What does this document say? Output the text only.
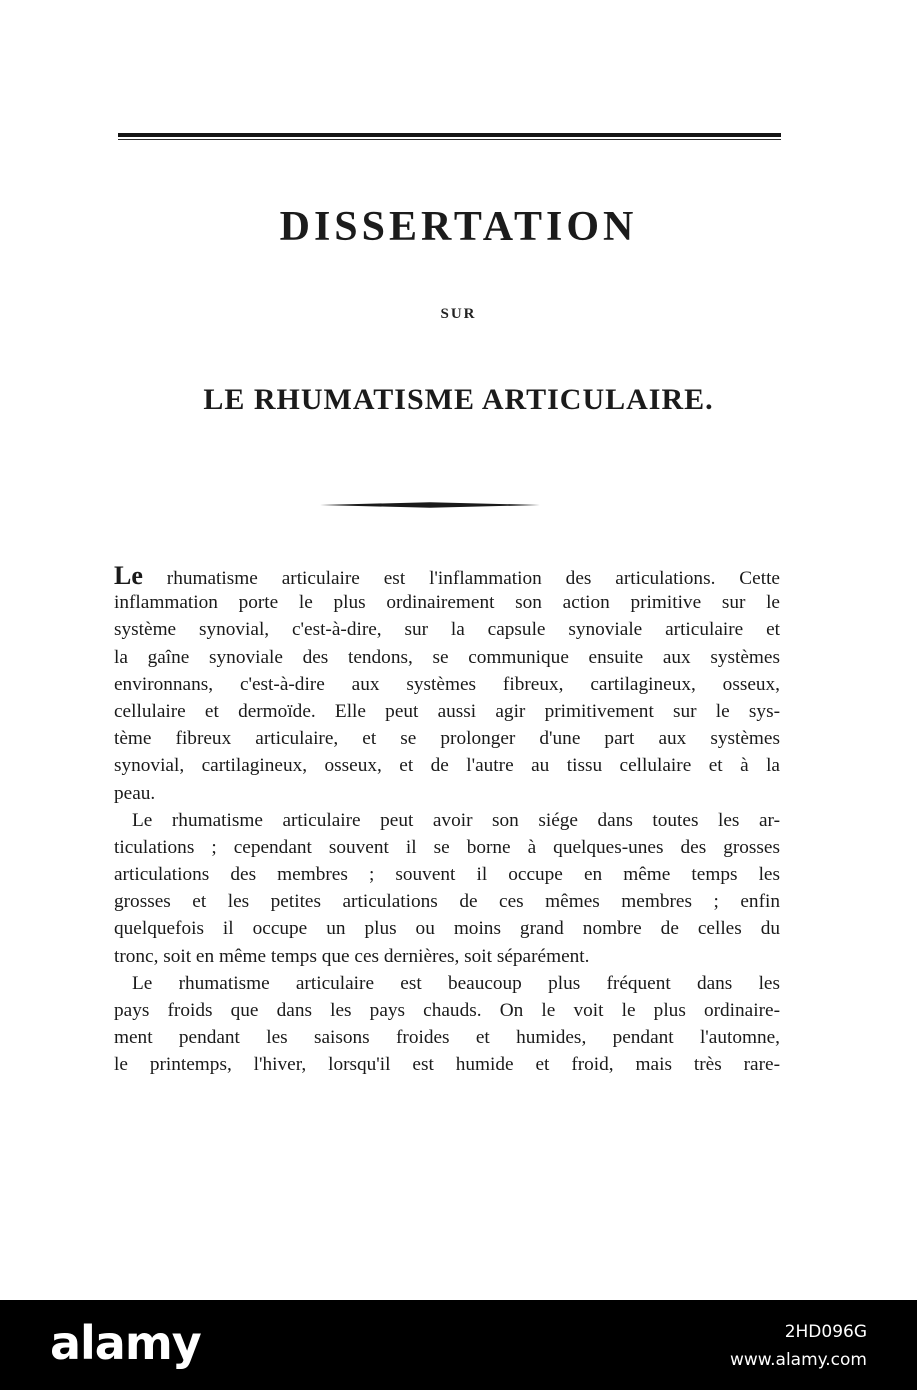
DISSERTATION
SUR
LE RHUMATISME ARTICULAIRE.
Le rhumatisme articulaire est l'inflammation des articulations. Cette
inflammation porte le plus ordinairement son action primitive sur le
système synovial, c'est-à-dire, sur la capsule synoviale articulaire et
la gaîne synoviale des tendons, se communique ensuite aux systèmes
environnans, c'est-à-dire aux systèmes fibreux, cartilagineux, osseux,
cellulaire et dermoïde. Elle peut aussi agir primitivement sur le sys-
tème fibreux articulaire, et se prolonger d'une part aux systèmes
synovial, cartilagineux, osseux, et de l'autre au tissu cellulaire et à la
peau.
Le rhumatisme articulaire peut avoir son siége dans toutes les ar-
ticulations ; cependant souvent il se borne à quelques-unes des grosses
articulations des membres ; souvent il occupe en même temps les
grosses et les petites articulations de ces mêmes membres ; enfin
quelquefois il occupe un plus ou moins grand nombre de celles du
tronc, soit en même temps que ces dernières, soit séparément.
Le rhumatisme articulaire est beaucoup plus fréquent dans les
pays froids que dans les pays chauds. On le voit le plus ordinaire-
ment pendant les saisons froides et humides, pendant l'automne,
le printemps, l'hiver, lorsqu'il est humide et froid, mais très rare-
alamy	2HD096G
www.alamy.com
